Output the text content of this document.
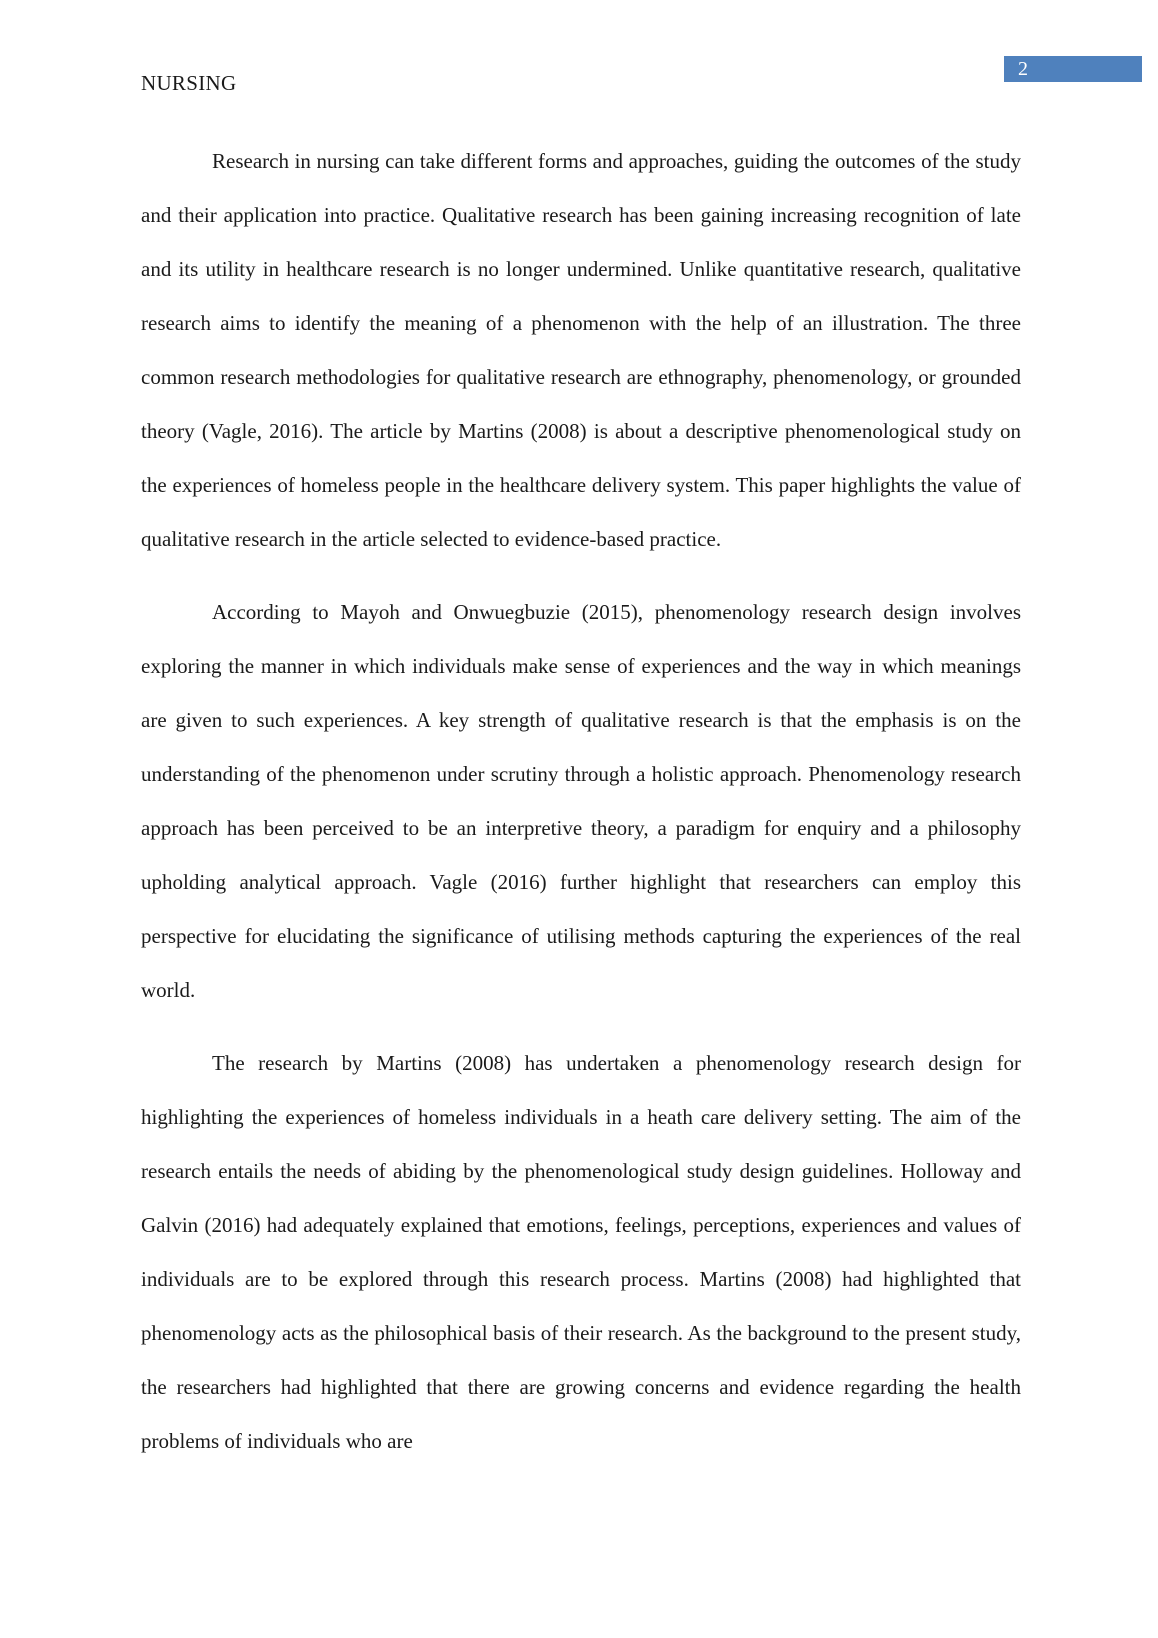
2
NURSING

Research in nursing can take different forms and approaches, guiding the outcomes of the study and their application into practice. Qualitative research has been gaining increasing recognition of late and its utility in healthcare research is no longer undermined. Unlike quantitative research, qualitative research aims to identify the meaning of a phenomenon with the help of an illustration. The three common research methodologies for qualitative research are ethnography, phenomenology, or grounded theory (Vagle, 2016). The article by Martins (2008) is about a descriptive phenomenological study on the experiences of homeless people in the healthcare delivery system. This paper highlights the value of qualitative research in the article selected to evidence-based practice.

According to Mayoh and Onwuegbuzie (2015), phenomenology research design involves exploring the manner in which individuals make sense of experiences and the way in which meanings are given to such experiences. A key strength of qualitative research is that the emphasis is on the understanding of the phenomenon under scrutiny through a holistic approach. Phenomenology research approach has been perceived to be an interpretive theory, a paradigm for enquiry and a philosophy upholding analytical approach. Vagle (2016) further highlight that researchers can employ this perspective for elucidating the significance of utilising methods capturing the experiences of the real world.

The research by Martins (2008) has undertaken a phenomenology research design for highlighting the experiences of homeless individuals in a heath care delivery setting. The aim of the research entails the needs of abiding by the phenomenological study design guidelines. Holloway and Galvin (2016) had adequately explained that emotions, feelings, perceptions, experiences and values of individuals are to be explored through this research process. Martins (2008) had highlighted that phenomenology acts as the philosophical basis of their research. As the background to the present study, the researchers had highlighted that there are growing concerns and evidence regarding the health problems of individuals who are
